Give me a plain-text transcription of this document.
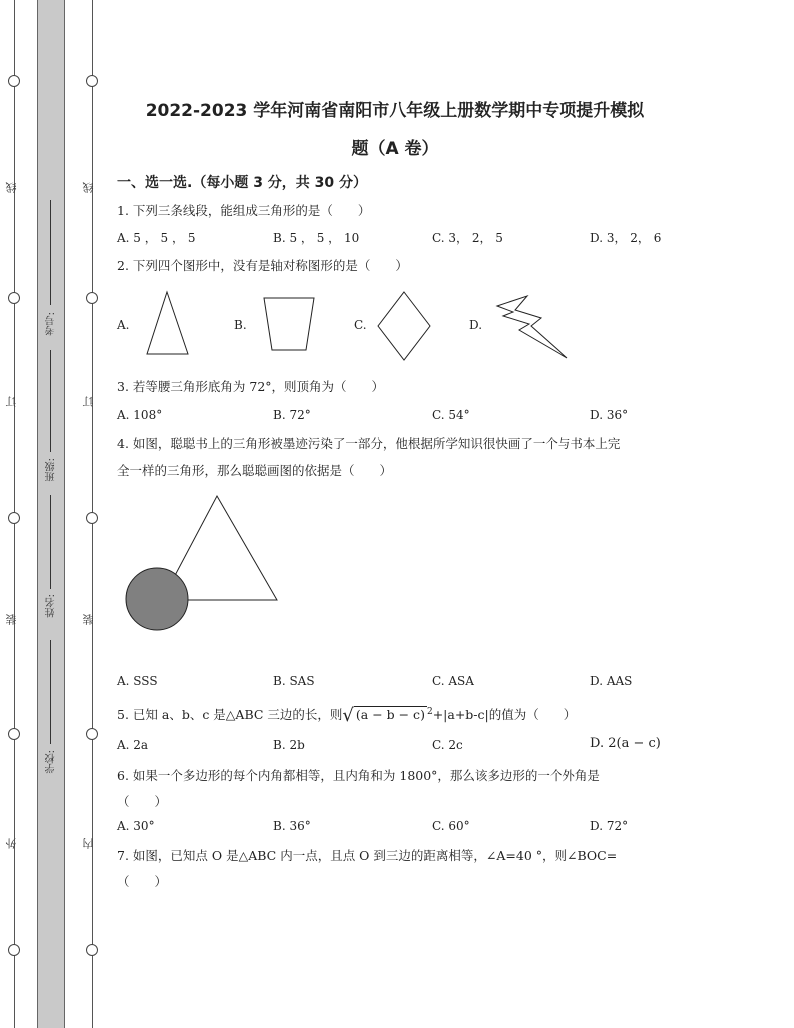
线
订
装
外
线
订
装
内
考号:
班级:
姓名:
学校:
2022-2023 学年河南省南阳市八年级上册数学期中专项提升模拟
题（A 卷）
一、选一选.（每小题 3 分，共 30 分）
1. 下列三条线段，能组成三角形的是（　　）
A. 5 ， 5 ， 5	B. 5 ， 5 ， 10	C. 3， 2， 5	D. 3， 2， 6
2. 下列四个图形中，没有是轴对称图形的是（　　）
A.	B.	C.	D.
3. 若等腰三角形底角为 72°，则顶角为（　　）
A. 108°	B. 72°	C. 54°	D. 36°
4. 如图，聪聪书上的三角形被墨迹污染了一部分，他根据所学知识很快画了一个与书本上完
全一样的三角形，那么聪聪画图的依据是（　　）
A. SSS	B. SAS	C. ASA	D. AAS
5. 已知 a、b、c 是△ABC 三边的长，则√ (a − b − c) $^2$+|a+b-c|的值为（　　）
A. 2a	B. 2b	C. 2c	D. 2(a − c)
6. 如果一个多边形的每个内角都相等，且内角和为 1800°，那么该多边形的一个外角是
（　　）
A. 30°	B. 36°	C. 60°	D. 72°
7. 如图，已知点 O 是△ABC 内一点，且点 O 到三边的距离相等，∠A=40 °，则∠BOC=
（　　）
